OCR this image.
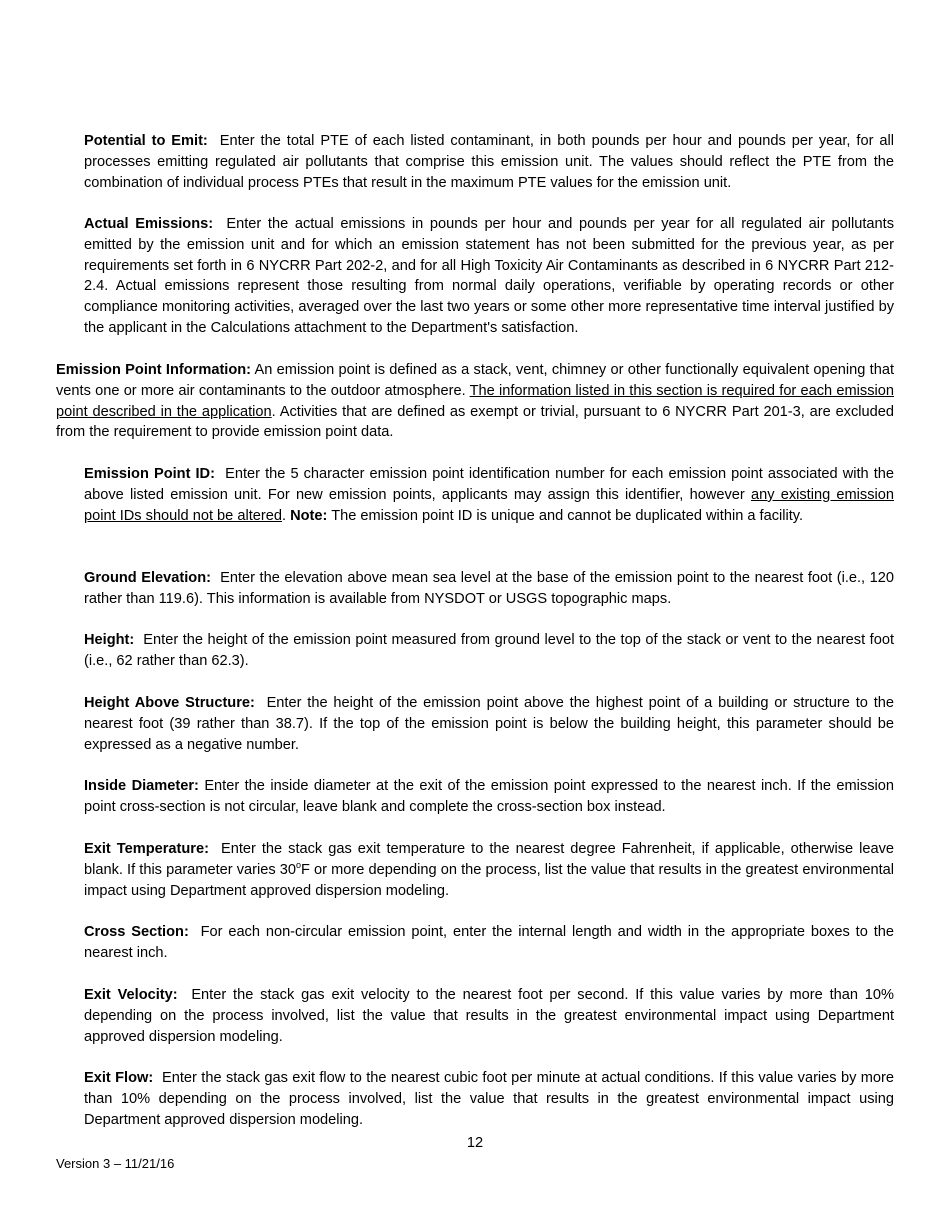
Potential to Emit: Enter the total PTE of each listed contaminant, in both pounds per hour and pounds per year, for all processes emitting regulated air pollutants that comprise this emission unit. The values should reflect the PTE from the combination of individual process PTEs that result in the maximum PTE values for the emission unit.

Actual Emissions: Enter the actual emissions in pounds per hour and pounds per year for all regulated air pollutants emitted by the emission unit and for which an emission statement has not been submitted for the previous year, as per requirements set forth in 6 NYCRR Part 202-2, and for all High Toxicity Air Contaminants as described in 6 NYCRR Part 212-2.4. Actual emissions represent those resulting from normal daily operations, verifiable by operating records or other compliance monitoring activities, averaged over the last two years or some other more representative time interval justified by the applicant in the Calculations attachment to the Department's satisfaction.

Emission Point Information: An emission point is defined as a stack, vent, chimney or other functionally equivalent opening that vents one or more air contaminants to the outdoor atmosphere. The information listed in this section is required for each emission point described in the application. Activities that are defined as exempt or trivial, pursuant to 6 NYCRR Part 201-3, are excluded from the requirement to provide emission point data.

Emission Point ID: Enter the 5 character emission point identification number for each emission point associated with the above listed emission unit. For new emission points, applicants may assign this identifier, however any existing emission point IDs should not be altered. Note: The emission point ID is unique and cannot be duplicated within a facility.

Ground Elevation: Enter the elevation above mean sea level at the base of the emission point to the nearest foot (i.e., 120 rather than 119.6). This information is available from NYSDOT or USGS topographic maps.

Height: Enter the height of the emission point measured from ground level to the top of the stack or vent to the nearest foot (i.e., 62 rather than 62.3).

Height Above Structure: Enter the height of the emission point above the highest point of a building or structure to the nearest foot (39 rather than 38.7). If the top of the emission point is below the building height, this parameter should be expressed as a negative number.

Inside Diameter: Enter the inside diameter at the exit of the emission point expressed to the nearest inch. If the emission point cross-section is not circular, leave blank and complete the cross-section box instead.

Exit Temperature: Enter the stack gas exit temperature to the nearest degree Fahrenheit, if applicable, otherwise leave blank. If this parameter varies 30$^o$F or more depending on the process, list the value that results in the greatest environmental impact using Department approved dispersion modeling.

Cross Section: For each non-circular emission point, enter the internal length and width in the appropriate boxes to the nearest inch.

Exit Velocity: Enter the stack gas exit velocity to the nearest foot per second. If this value varies by more than 10% depending on the process involved, list the value that results in the greatest environmental impact using Department approved dispersion modeling.

Exit Flow: Enter the stack gas exit flow to the nearest cubic foot per minute at actual conditions. If this value varies by more than 10% depending on the process involved, list the value that results in the greatest environmental impact using Department approved dispersion modeling.

12
Version 3 – 11/21/16
